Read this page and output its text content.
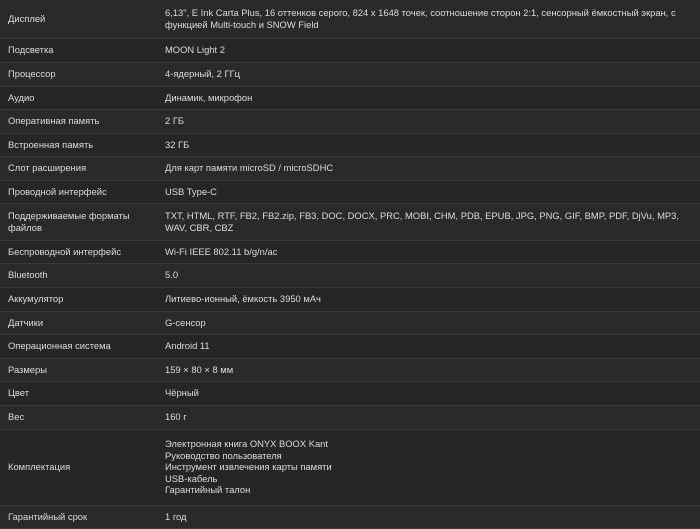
Дисплей	6,13", E Ink Carta Plus, 16 оттенков серого, 824 x 1648 точек, соотношение сторон 2:1, сенсорный ёмкостный экран, с функцией Multi-touch и SNOW Field
Подсветка	MOON Light 2
Процессор	4-ядерный, 2 ГГц
Аудио	Динамик, микрофон
Оперативная память	2 ГБ
Встроенная память	32 ГБ
Слот расширения	Для карт памяти microSD / microSDHC
Проводной интерфейс	USB Type-C
Поддерживаемые форматы файлов	TXT, HTML, RTF, FB2, FB2.zip, FB3, DOC, DOCX, PRC, MOBI, CHM, PDB, EPUB, JPG, PNG, GIF, BMP, PDF, DjVu, MP3, WAV, CBR, CBZ
Беспроводной интерфейс	Wi-Fi IEEE 802.11 b/g/n/ac
Bluetooth	5.0
Аккумулятор	Литиево-ионный, ёмкость 3950 мАч
Датчики	G-сенсор
Операционная система	Android 11
Размеры	159 × 80 × 8 мм
Цвет	Чёрный
Вес	160 г
Комплектация	Электронная книга ONYX BOOX Kant
Руководство пользователя
Инструмент извлечения карты памяти
USB-кабель
Гарантийный талон

Гарантийный срок	1 год
